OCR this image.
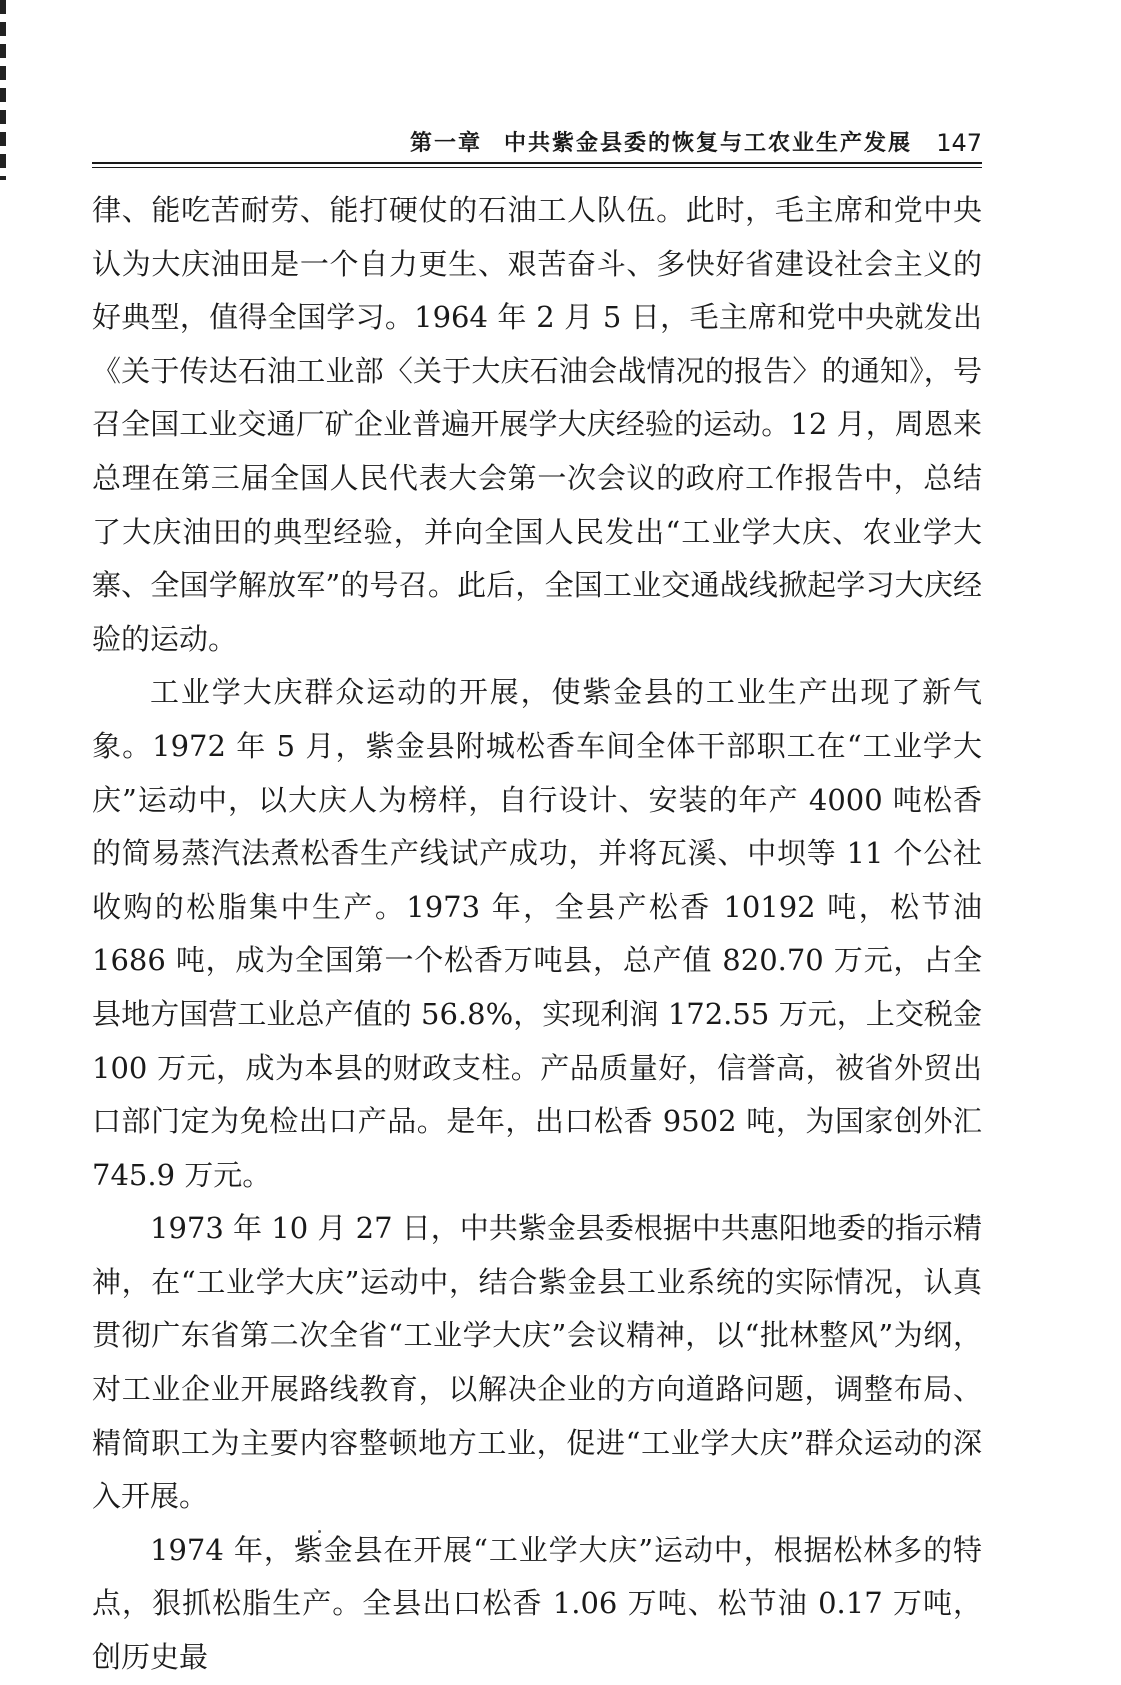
第一章 中共紫金县委的恢复与工农业生产发展 147

律、能吃苦耐劳、能打硬仗的石油工人队伍。此时，毛主席和党中央认为大庆油田是一个自力更生、艰苦奋斗、多快好省建设社会主义的好典型，值得全国学习。1964 年 2 月 5 日，毛主席和党中央就发出《关于传达石油工业部〈关于大庆石油会战情况的报告〉的通知》，号召全国工业交通厂矿企业普遍开展学大庆经验的运动。12 月，周恩来总理在第三届全国人民代表大会第一次会议的政府工作报告中，总结了大庆油田的典型经验，并向全国人民发出“工业学大庆、农业学大寨、全国学解放军”的号召。此后，全国工业交通战线掀起学习大庆经验的运动。

工业学大庆群众运动的开展，使紫金县的工业生产出现了新气象。1972 年 5 月，紫金县附城松香车间全体干部职工在“工业学大庆”运动中，以大庆人为榜样，自行设计、安装的年产 4000 吨松香的简易蒸汽法煮松香生产线试产成功，并将瓦溪、中坝等 11 个公社收购的松脂集中生产。1973 年，全县产松香 10192 吨，松节油 1686 吨，成为全国第一个松香万吨县，总产值 820.70 万元，占全县地方国营工业总产值的 56.8%，实现利润 172.55 万元，上交税金 100 万元，成为本县的财政支柱。产品质量好，信誉高，被省外贸出口部门定为免检出口产品。是年，出口松香 9502 吨，为国家创外汇 745.9 万元。

1973 年 10 月 27 日，中共紫金县委根据中共惠阳地委的指示精神，在“工业学大庆”运动中，结合紫金县工业系统的实际情况，认真贯彻广东省第二次全省“工业学大庆”会议精神，以“批林整风”为纲，对工业企业开展路线教育，以解决企业的方向道路问题，调整布局、精简职工为主要内容整顿地方工业，促进“工业学大庆”群众运动的深入开展。

1974 年，紫金县在开展“工业学大庆”运动中，根据松林多的特点，狠抓松脂生产。全县出口松香 1.06 万吨、松节油 0.17 万吨，创历史最
